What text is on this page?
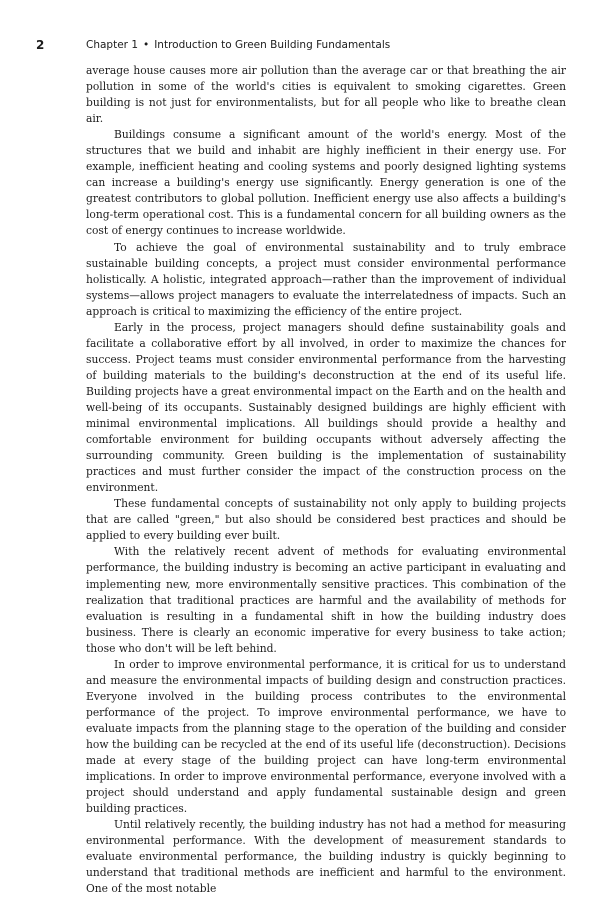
2	Chapter 1 • Introduction to Green Building Fundamentals

average house causes more air pollution than the average car or that breathing the air pollution in some of the world's cities is equivalent to smoking cigarettes. Green building is not just for environmentalists, but for all people who like to breathe clean air.

Buildings consume a significant amount of the world's energy. Most of the structures that we build and inhabit are highly inefficient in their energy use. For example, inefficient heating and cooling systems and poorly designed lighting systems can increase a building's energy use significantly. Energy generation is one of the greatest contributors to global pollution. Inefficient energy use also affects a building's long-term operational cost. This is a fundamental concern for all building owners as the cost of energy continues to increase worldwide.

To achieve the goal of environmental sustainability and to truly embrace sustainable building concepts, a project must consider environmental performance holistically. A holistic, integrated approach—rather than the improvement of individual systems—allows project managers to evaluate the interrelatedness of impacts. Such an approach is critical to maximizing the efficiency of the entire project.

Early in the process, project managers should define sustainability goals and facilitate a collaborative effort by all involved, in order to maximize the chances for success. Project teams must consider environmental performance from the harvesting of building materials to the building's deconstruction at the end of its useful life. Building projects have a great environmental impact on the Earth and on the health and well-being of its occupants. Sustainably designed buildings are highly efficient with minimal environmental implications. All buildings should provide a healthy and comfortable environment for building occupants without adversely affecting the surrounding community. Green building is the implementation of sustainability practices and must further consider the impact of the construction process on the environment.

These fundamental concepts of sustainability not only apply to building projects that are called "green," but also should be considered best practices and should be applied to every building ever built.

With the relatively recent advent of methods for evaluating environmental performance, the building industry is becoming an active participant in evaluating and implementing new, more environmentally sensitive practices. This combination of the realization that traditional practices are harmful and the availability of methods for evaluation is resulting in a fundamental shift in how the building industry does business. There is clearly an economic imperative for every business to take action; those who don't will be left behind.

In order to improve environmental performance, it is critical for us to understand and measure the environmental impacts of building design and construction practices. Everyone involved in the building process contributes to the environmental performance of the project. To improve environmental performance, we have to evaluate impacts from the planning stage to the operation of the building and consider how the building can be recycled at the end of its useful life (deconstruction). Decisions made at every stage of the building project can have long-term environmental implications. In order to improve environmental performance, everyone involved with a project should understand and apply fundamental sustainable design and green building practices.

Until relatively recently, the building industry has not had a method for measuring environmental performance. With the development of measurement standards to evaluate environmental performance, the building industry is quickly beginning to understand that traditional methods are inefficient and harmful to the environment. One of the most notable
